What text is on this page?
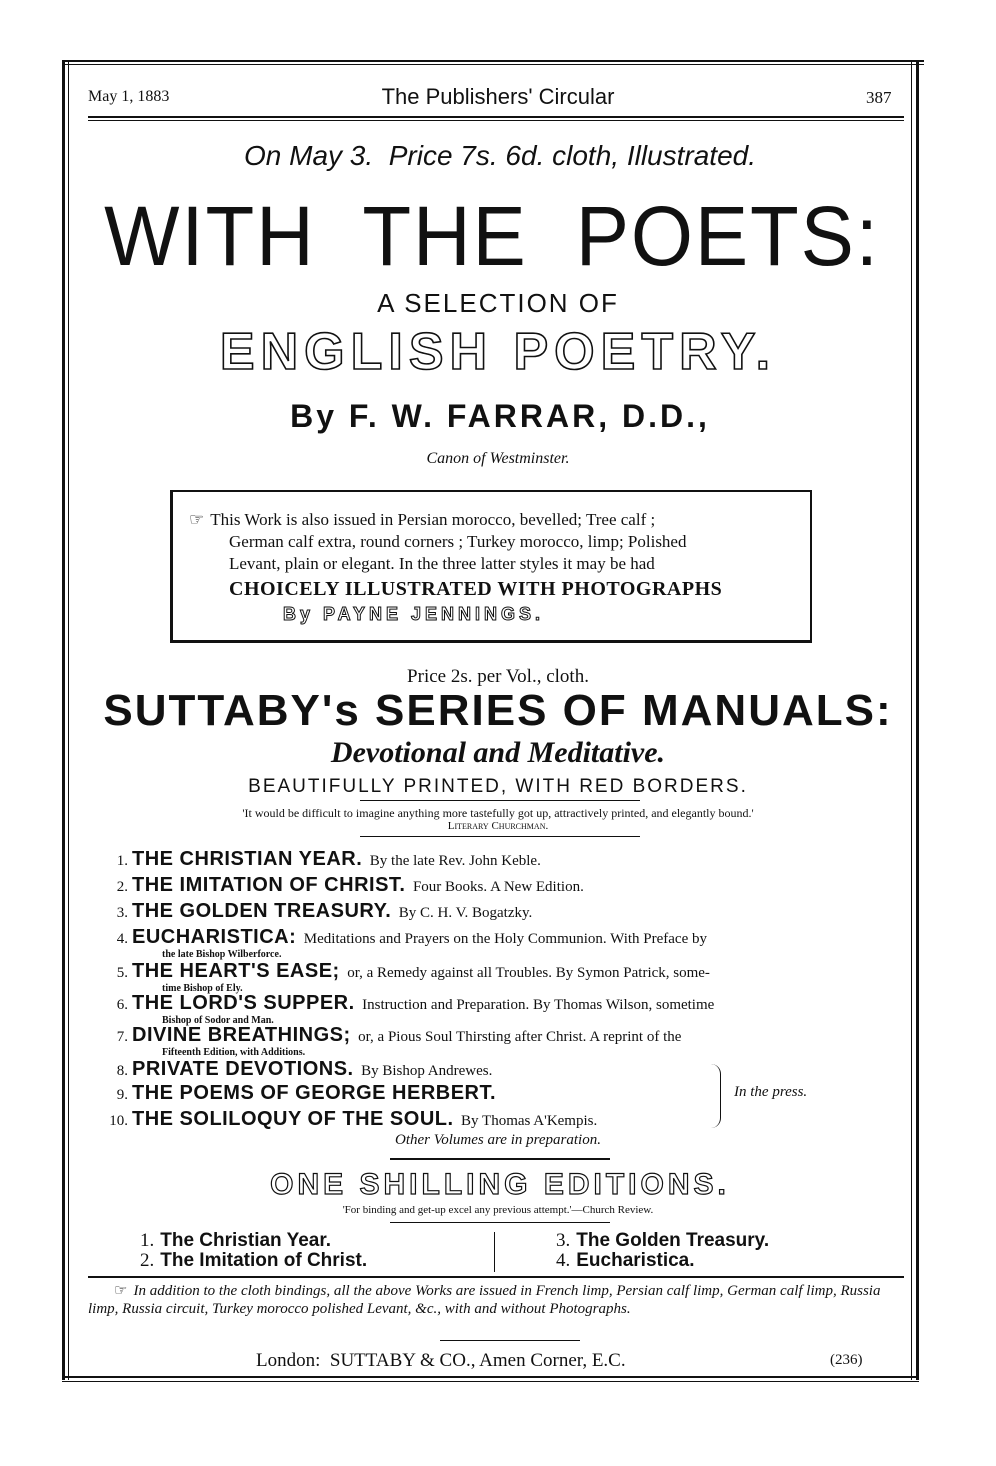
May 1, 1883	The Publishers' Circular	387
On May 3.  Price 7s. 6d. cloth, Illustrated.
WITH  THE  POETS:
A SELECTION OF
ENGLISH POETRY.
By F. W. FARRAR, D.D.,
Canon of Westminster.
☞ This Work is also issued in Persian morocco, bevelled; Tree calf ;
German calf extra, round corners ; Turkey morocco, limp; Polished
Levant, plain or elegant. In the three latter styles it may be had
CHOICELY ILLUSTRATED WITH PHOTOGRAPHS
By PAYNE JENNINGS.
Price 2s. per Vol., cloth.
SUTTABY's SERIES OF MANUALS:
Devotional and Meditative.
BEAUTIFULLY PRINTED, WITH RED BORDERS.
'It would be difficult to imagine anything more tastefully got up, attractively printed, and elegantly bound.'
Literary Churchman.
1. THE CHRISTIAN YEAR. By the late Rev. John Keble.
2. THE IMITATION OF CHRIST. Four Books. A New Edition.
3. THE GOLDEN TREASURY. By C. H. V. Bogatzky.
4. EUCHARISTICA: Meditations and Prayers on the Holy Communion. With Preface by
the late Bishop Wilberforce.
5. THE HEART'S EASE; or, a Remedy against all Troubles. By Symon Patrick, some-
time Bishop of Ely.
6. THE LORD'S SUPPER. Instruction and Preparation. By Thomas Wilson, sometime
Bishop of Sodor and Man.
7. DIVINE BREATHINGS; or, a Pious Soul Thirsting after Christ. A reprint of the
Fifteenth Edition, with Additions.
8. PRIVATE DEVOTIONS. By Bishop Andrewes.
9. THE POEMS OF GEORGE HERBERT.
10. THE SOLILOQUY OF THE SOUL. By Thomas A'Kempis.
In the press.
Other Volumes are in preparation.
ONE SHILLING EDITIONS.
'For binding and get-up excel any previous attempt.'—Church Review.
1. The Christian Year.
2. The Imitation of Christ.
3. The Golden Treasury.
4. Eucharistica.
☞ In addition to the cloth bindings, all the above Works are issued in French limp, Persian calf limp, German calf limp, Russia limp, Russia circuit, Turkey morocco polished Levant, &c., with and without Photographs.
London:  SUTTABY & CO., Amen Corner, E.C.	(236)
